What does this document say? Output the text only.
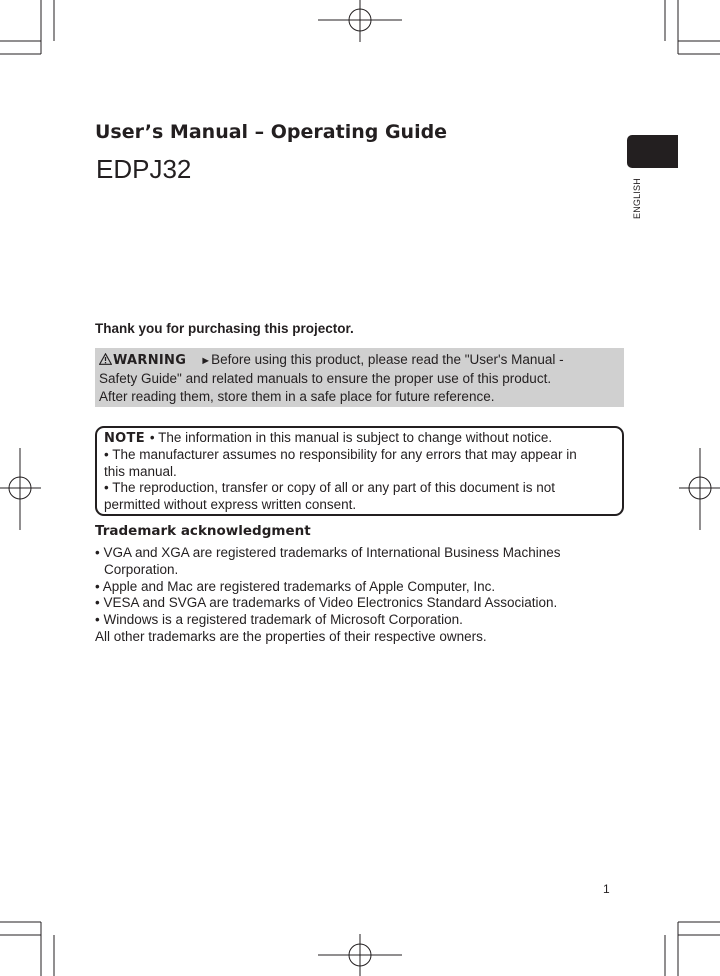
User’s Manual – Operating Guide
EDPJ32
ENGLISH

Thank you for purchasing this projector.

WARNING ►Before using this product, please read the "User's Manual -
Safety Guide" and related manuals to ensure the proper use of this product.
After reading them, store them in a safe place for future reference.
NOTE • The information in this manual is subject to change without notice.
• The manufacturer assumes no responsibility for any errors that may appear in
this manual.
• The reproduction, transfer or copy of all or any part of this document is not
permitted without express written consent.
Trademark acknowledgment
• VGA and XGA are registered trademarks of International Business Machines
Corporation.
• Apple and Mac are registered trademarks of Apple Computer, Inc.
• VESA and SVGA are trademarks of Video Electronics Standard Association.
• Windows is a registered trademark of Microsoft Corporation.
All other trademarks are the properties of their respective owners.
1
